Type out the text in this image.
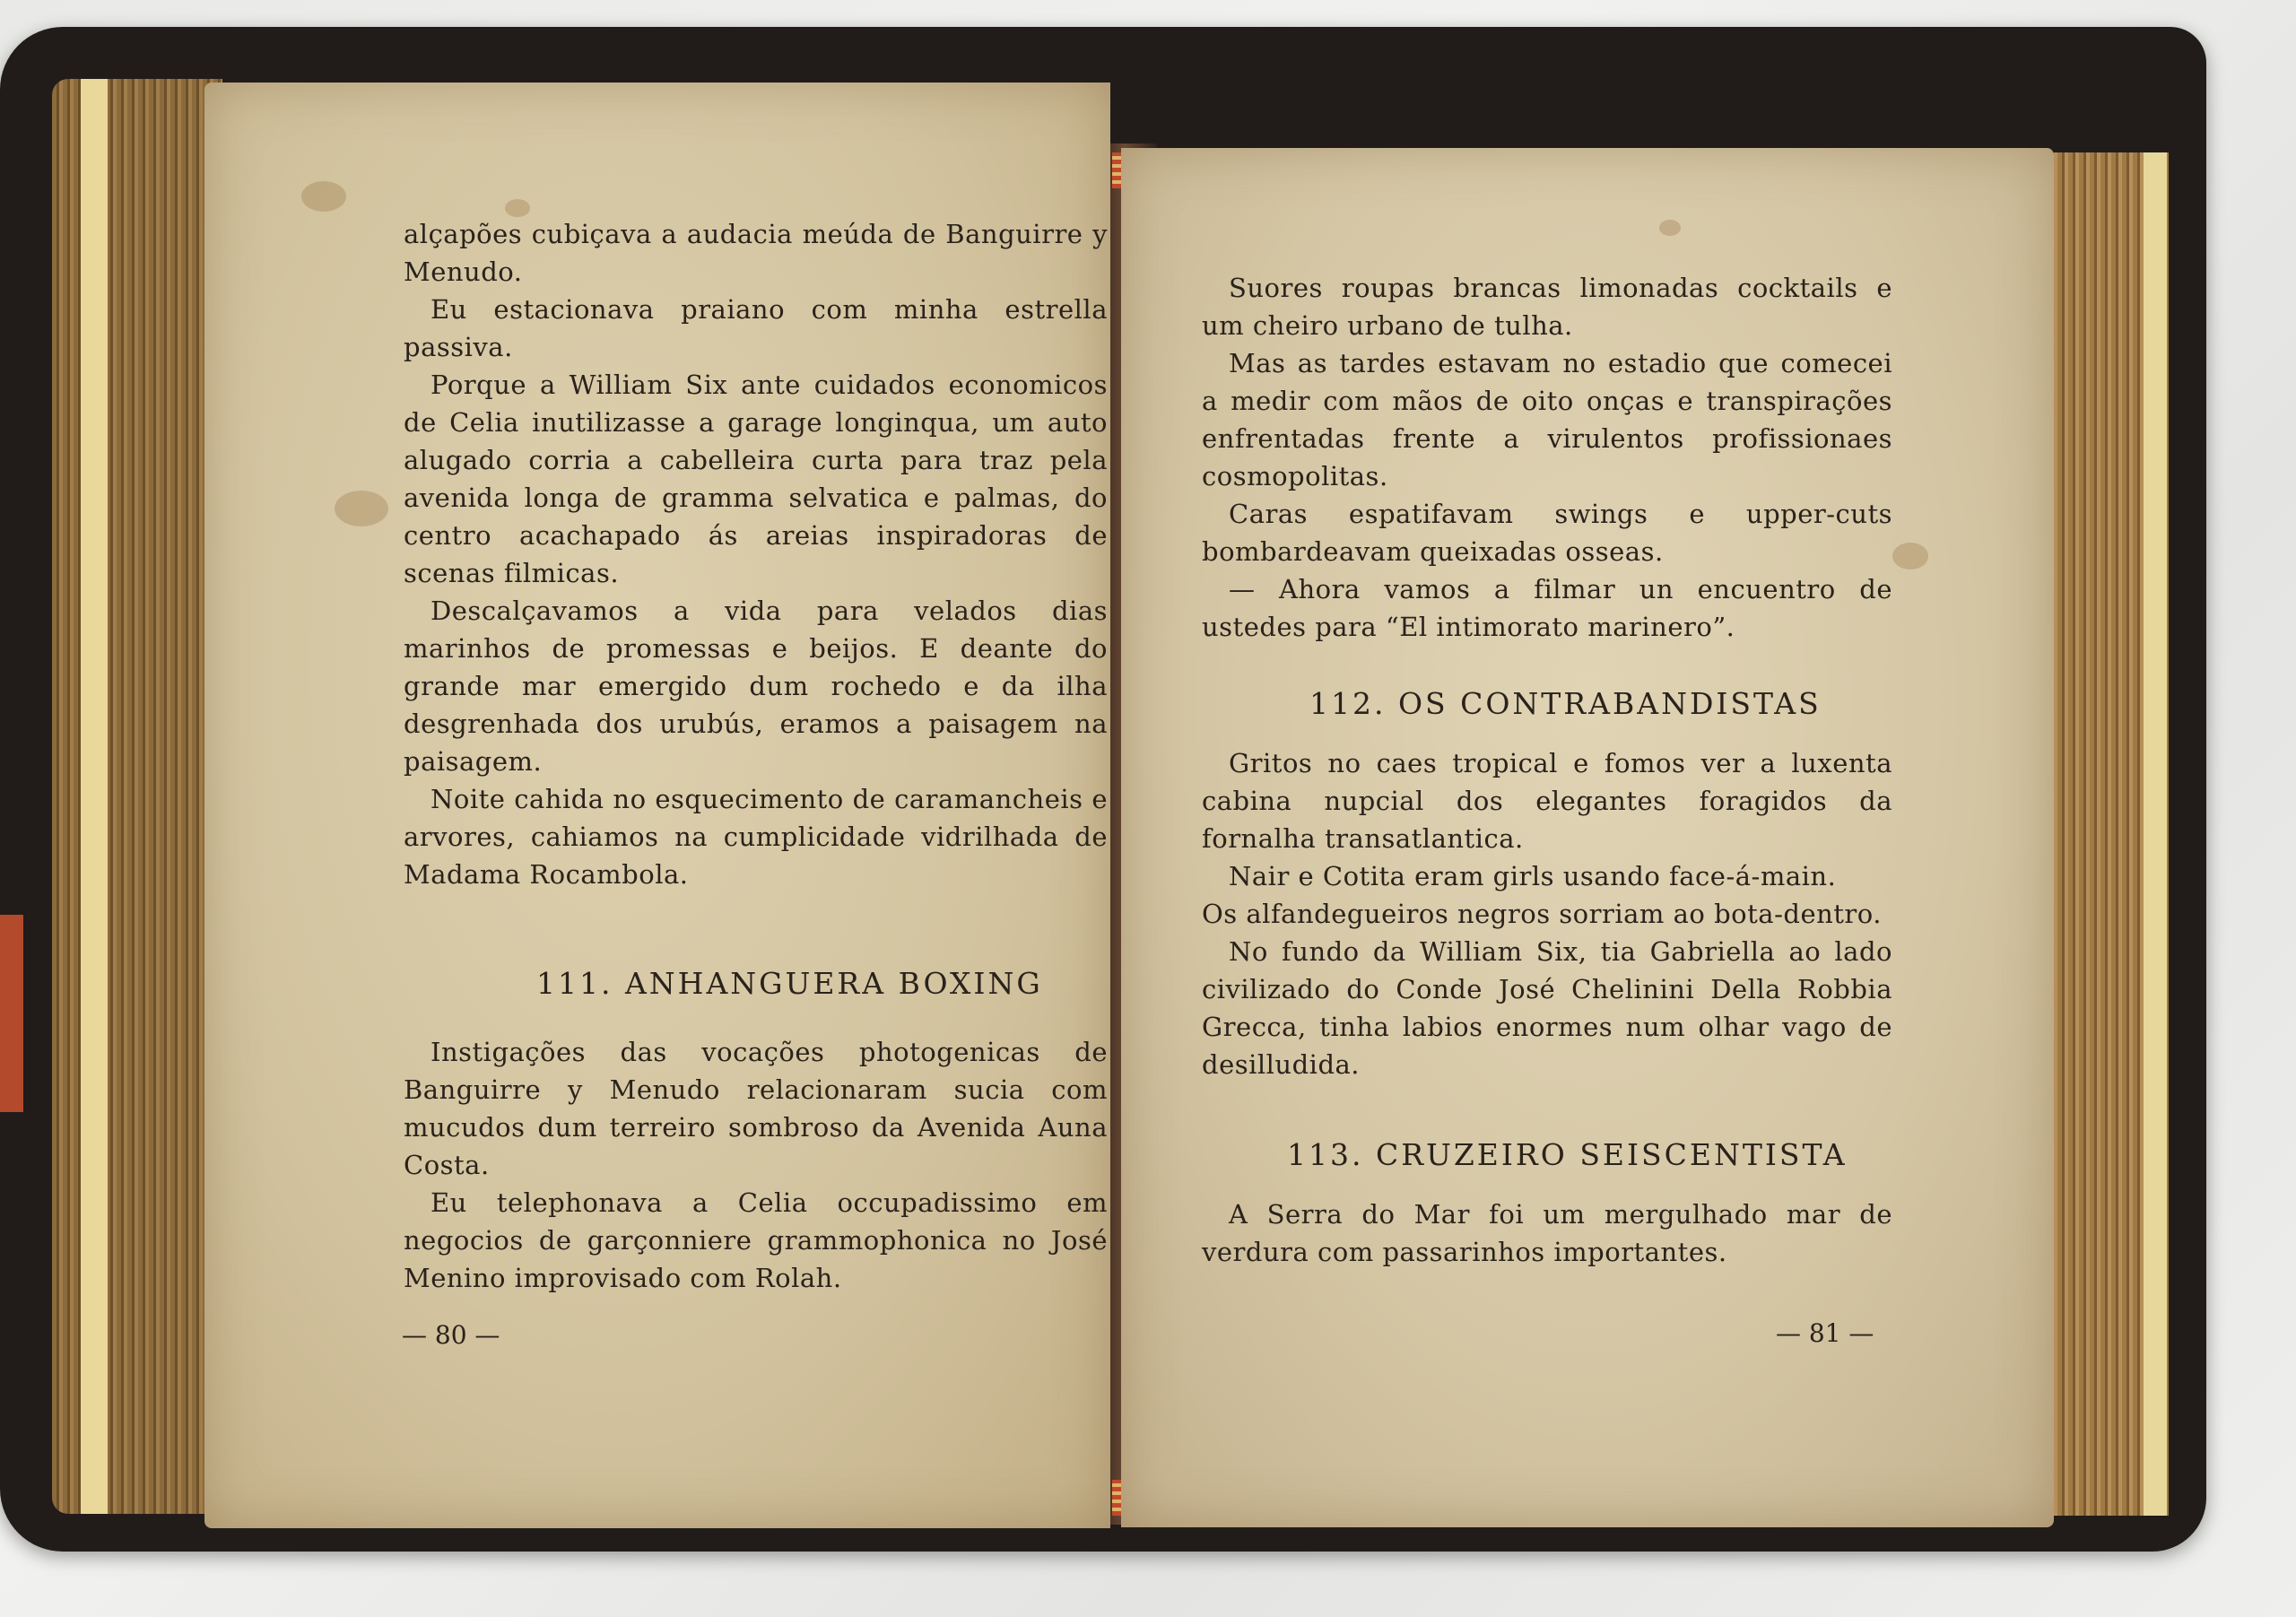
alçapões cubiçava a audacia meúda de Banguirre y Menudo.

Eu estacionava praiano com minha estrella passiva.

Porque a William Six ante cuidados economicos de Celia inutilizasse a garage longinqua, um auto alugado corria a cabelleira curta para traz pela avenida longa de gramma selvatica e palmas, do centro acachapado ás areias inspiradoras de scenas filmicas.

Descalçavamos a vida para velados dias marinhos de promessas e beijos. E deante do grande mar emergido dum rochedo e da ilha desgrenhada dos urubús, eramos a paisagem na paisagem.

Noite cahida no esquecimento de caramancheis e arvores, cahiamos na cumplicidade vidrilhada de Madama Rocambola.

111. ANHANGUERA BOXING

Instigações das vocações photogenicas de Banguirre y Menudo relacionaram sucia com mucudos dum terreiro sombroso da Avenida Auna Costa.

Eu telephonava a Celia occupadissimo em negocios de garçonniere grammophonica no José Menino improvisado com Rolah.

— 80 —

Suores roupas brancas limonadas cocktails e um cheiro urbano de tulha.

Mas as tardes estavam no estadio que comecei a medir com mãos de oito onças e transpirações enfrentadas frente a virulentos profissionaes cosmopolitas.

Caras espatifavam swings e upper-cuts bombardeavam queixadas osseas.

— Ahora vamos a filmar un encuentro de ustedes para “El intimorato marinero”.

112. OS CONTRABANDISTAS

Gritos no caes tropical e fomos ver a luxenta cabina nupcial dos elegantes foragidos da fornalha transatlantica.

Nair e Cotita eram girls usando face-á-main.

Os alfandegueiros negros sorriam ao bota-dentro.

No fundo da William Six, tia Gabriella ao lado civilizado do Conde José Chelinini Della Robbia Grecca, tinha labios enormes num olhar vago de desilludida.

113. CRUZEIRO SEISCENTISTA

A Serra do Mar foi um mergulhado mar de verdura com passarinhos importantes.

— 81 —
